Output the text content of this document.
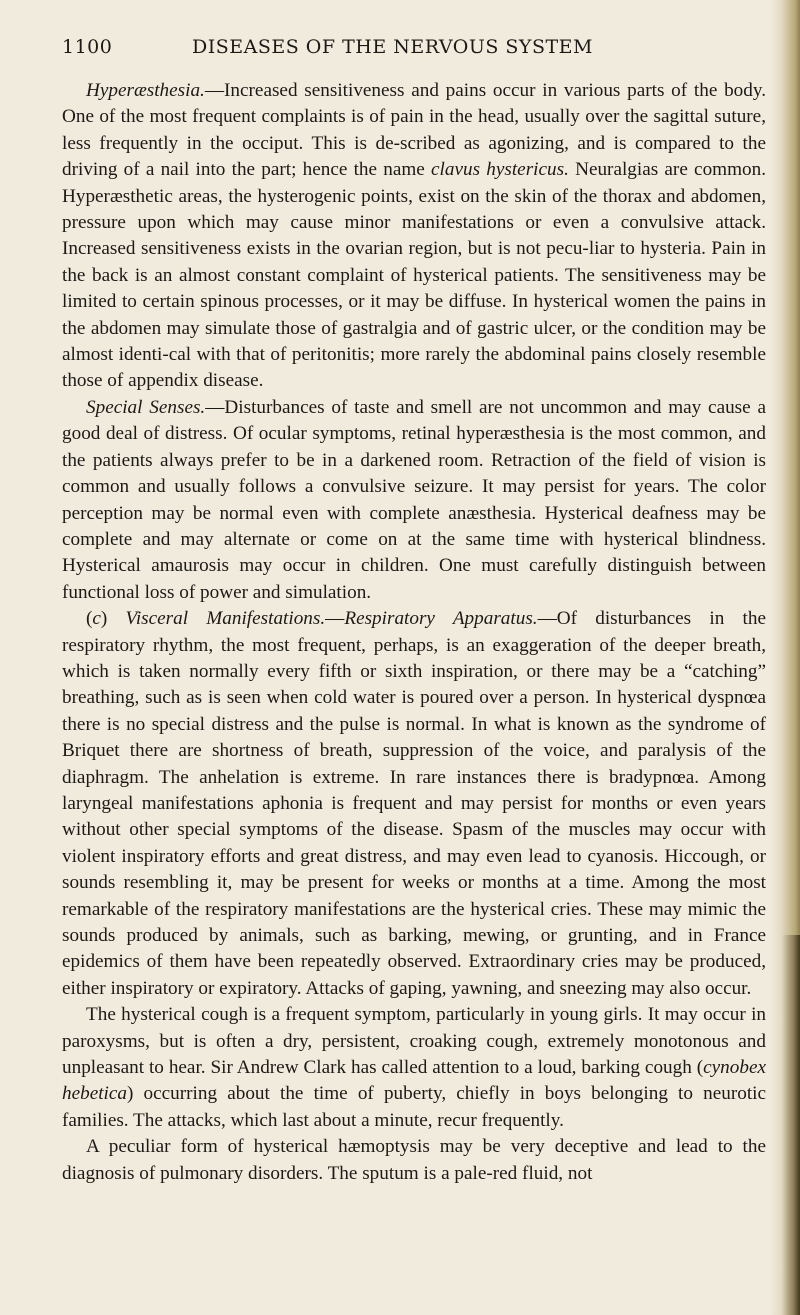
1100	DISEASES OF THE NERVOUS SYSTEM

Hyperæsthesia.—Increased sensitiveness and pains occur in various parts of the body. One of the most frequent complaints is of pain in the head, usually over the sagittal suture, less frequently in the occiput. This is de-scribed as agonizing, and is compared to the driving of a nail into the part; hence the name clavus hystericus. Neuralgias are common. Hyperæsthetic areas, the hysterogenic points, exist on the skin of the thorax and abdomen, pressure upon which may cause minor manifestations or even a convulsive attack. Increased sensitiveness exists in the ovarian region, but is not pecu-liar to hysteria. Pain in the back is an almost constant complaint of hysterical patients. The sensitiveness may be limited to certain spinous processes, or it may be diffuse. In hysterical women the pains in the abdomen may simulate those of gastralgia and of gastric ulcer, or the condition may be almost identi-cal with that of peritonitis; more rarely the abdominal pains closely resemble those of appendix disease.

Special Senses.—Disturbances of taste and smell are not uncommon and may cause a good deal of distress. Of ocular symptoms, retinal hyperæsthesia is the most common, and the patients always prefer to be in a darkened room. Retraction of the field of vision is common and usually follows a convulsive seizure. It may persist for years. The color perception may be normal even with complete anæsthesia. Hysterical deafness may be complete and may alternate or come on at the same time with hysterical blindness. Hysterical amaurosis may occur in children. One must carefully distinguish between functional loss of power and simulation.

(c) Visceral Manifestations.—Respiratory Apparatus.—Of disturbances in the respiratory rhythm, the most frequent, perhaps, is an exaggeration of the deeper breath, which is taken normally every fifth or sixth inspiration, or there may be a “catching” breathing, such as is seen when cold water is poured over a person. In hysterical dyspnœa there is no special distress and the pulse is normal. In what is known as the syndrome of Briquet there are shortness of breath, suppression of the voice, and paralysis of the diaphragm. The anhelation is extreme. In rare instances there is bradypnœa. Among laryngeal manifestations aphonia is frequent and may persist for months or even years without other special symptoms of the disease. Spasm of the muscles may occur with violent inspiratory efforts and great distress, and may even lead to cyanosis. Hiccough, or sounds resembling it, may be present for weeks or months at a time. Among the most remarkable of the respiratory manifestations are the hysterical cries. These may mimic the sounds produced by animals, such as barking, mewing, or grunting, and in France epidemics of them have been repeatedly observed. Extraordinary cries may be produced, either inspiratory or expiratory. Attacks of gaping, yawning, and sneezing may also occur.

The hysterical cough is a frequent symptom, particularly in young girls. It may occur in paroxysms, but is often a dry, persistent, croaking cough, extremely monotonous and unpleasant to hear. Sir Andrew Clark has called attention to a loud, barking cough (cynobex hebetica) occurring about the time of puberty, chiefly in boys belonging to neurotic families. The attacks, which last about a minute, recur frequently.

A peculiar form of hysterical hæmoptysis may be very deceptive and lead to the diagnosis of pulmonary disorders. The sputum is a pale-red fluid, not
